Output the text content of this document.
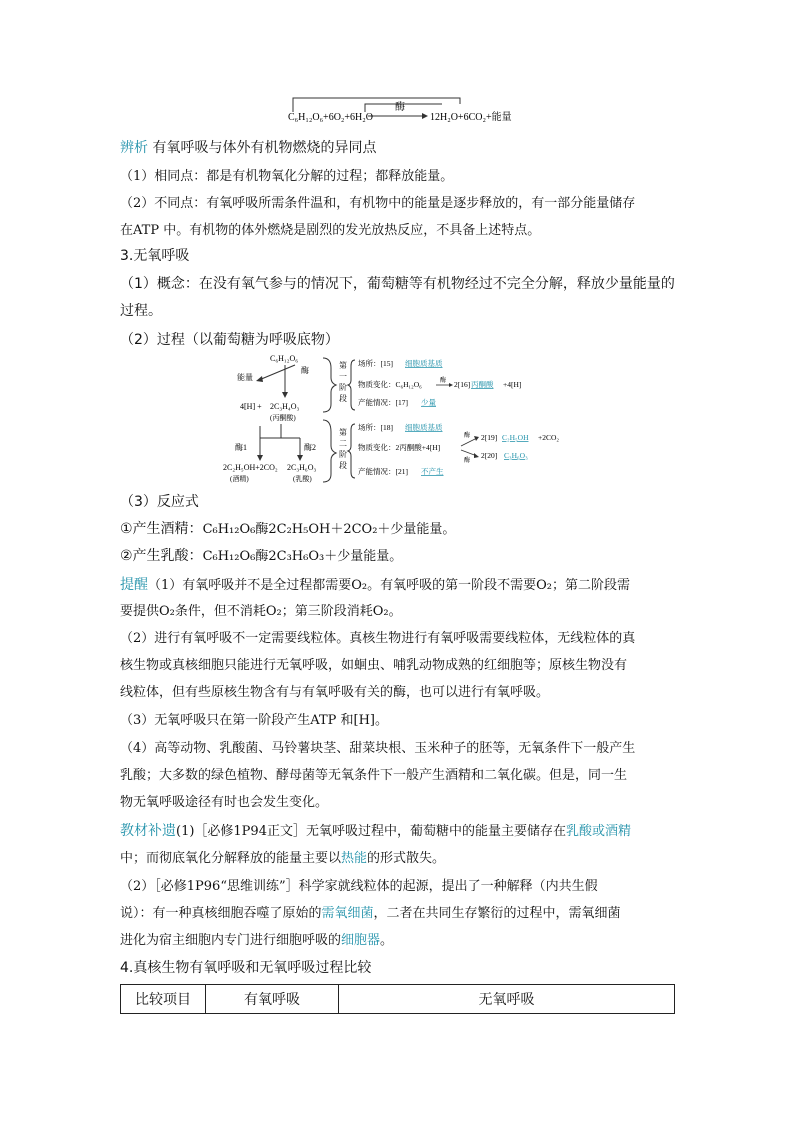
C₆H₁₂O₆+6O₂+6H₂O
酶
12H₂O+6CO₂+能量
辨析 有氧呼吸与体外有机物燃烧的异同点
（1）相同点：都是有机物氧化分解的过程；都释放能量。
（2）不同点：有氧呼吸所需条件温和，有机物中的能量是逐步释放的，有一部分能量储存
在ATP 中。有机物的体外燃烧是剧烈的发光放热反应，不具备上述特点。
3.无氧呼吸
（1）概念：在没有氧气参与的情况下，葡萄糖等有机物经过不完全分解，释放少量能量的
过程。
（2）过程（以葡萄糖为呼吸底物）
C₆H₁₂O₆
酶
能量
4[H] + 2C₃H₄O₃
(丙酮酸)
酶1	酶2
2C₂H₅OH+2CO₂
(酒精)
2C₃H₆O₃
(乳酸)
第
一
阶
段
场所：[15] 细胞质基质
物质变化：C₆H₁₂O₆	酶 2[16] 丙酮酸 +4[H]
产能情况：[17] 少量
第
二
阶
段
场所：[18] 细胞质基质
物质变化：2丙酮酸+4[H]
酶
酶
2[19] C₂H₅OH +2CO₂
2[20] C₃H₆O₃
产能情况：[21] 不产生
（3）反应式
①产生酒精：C₆H₁₂O₆酶2C₂H₅OH＋2CO₂＋少量能量。
②产生乳酸：C₆H₁₂O₆酶2C₃H₆O₃＋少量能量。
提醒（1）有氧呼吸并不是全过程都需要O₂。有氧呼吸的第一阶段不需要O₂；第二阶段需
要提供O₂条件，但不消耗O₂；第三阶段消耗O₂。
（2）进行有氧呼吸不一定需要线粒体。真核生物进行有氧呼吸需要线粒体，无线粒体的真
核生物或真核细胞只能进行无氧呼吸，如蛔虫、哺乳动物成熟的红细胞等；原核生物没有
线粒体，但有些原核生物含有与有氧呼吸有关的酶，也可以进行有氧呼吸。
（3）无氧呼吸只在第一阶段产生ATP 和[H]。
（4）高等动物、乳酸菌、马铃薯块茎、甜菜块根、玉米种子的胚等，无氧条件下一般产生
乳酸；大多数的绿色植物、酵母菌等无氧条件下一般产生酒精和二氧化碳。但是，同一生
物无氧呼吸途径有时也会发生变化。
教材补遗(1)［必修1P94正文］无氧呼吸过程中，葡萄糖中的能量主要储存在乳酸或酒精
中；而彻底氧化分解释放的能量主要以热能的形式散失。
（2）［必修1P96“思维训练”］科学家就线粒体的起源，提出了一种解释（内共生假
说）：有一种真核细胞吞噬了原始的需氧细菌，二者在共同生存繁衍的过程中，需氧细菌
进化为宿主细胞内专门进行细胞呼吸的细胞器。
4.真核生物有氧呼吸和无氧呼吸过程比较
比较项目	有氧呼吸	无氧呼吸
